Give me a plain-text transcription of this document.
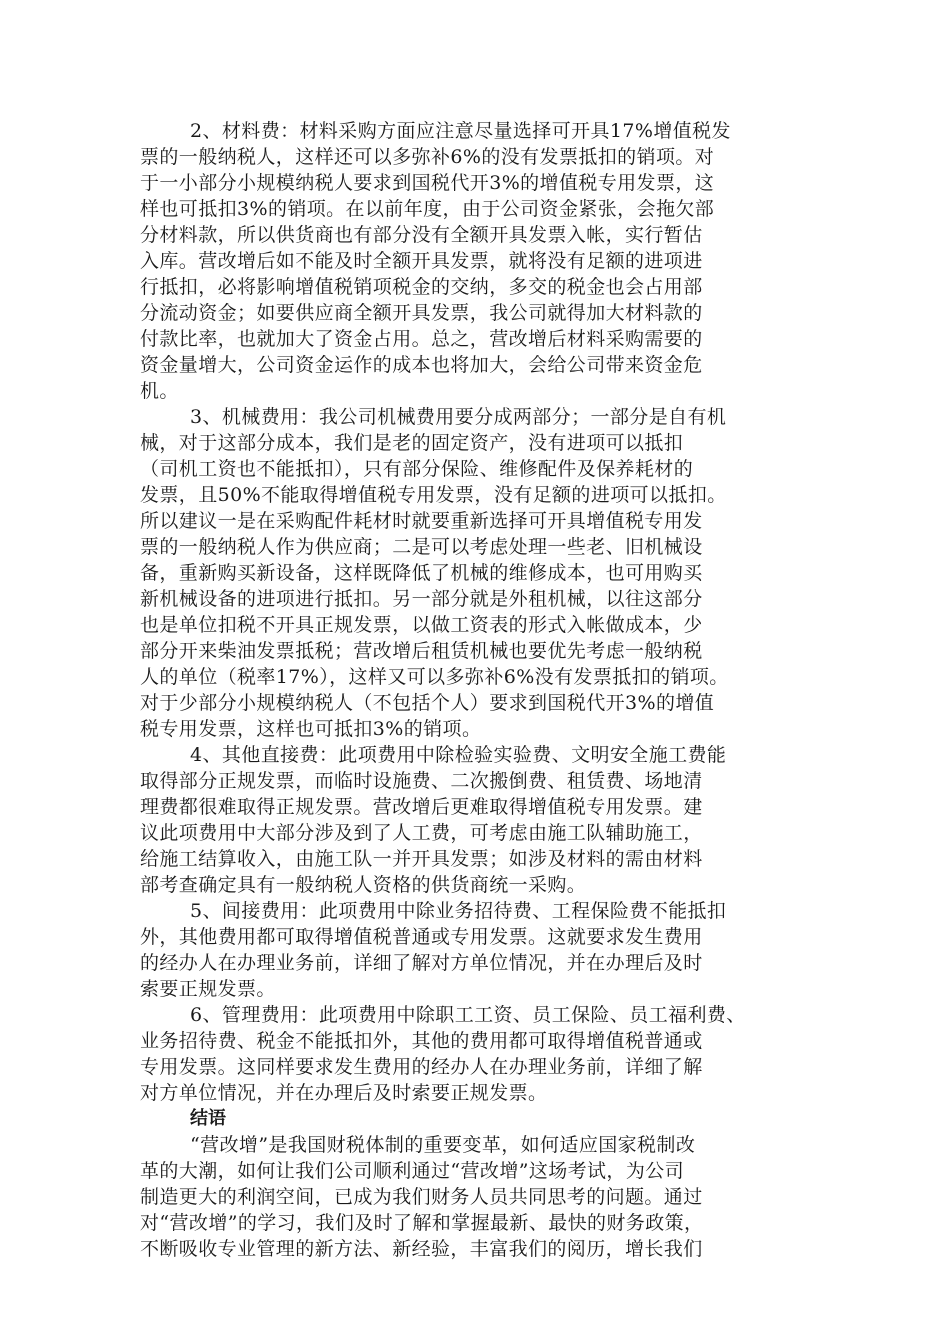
2、材料费：材料采购方面应注意尽量选择可开具17%增值税发
票的一般纳税人，这样还可以多弥补6%的没有发票抵扣的销项。对
于一小部分小规模纳税人要求到国税代开3%的增值税专用发票，这
样也可抵扣3%的销项。在以前年度，由于公司资金紧张，会拖欠部
分材料款，所以供货商也有部分没有全额开具发票入帐，实行暂估
入库。营改增后如不能及时全额开具发票，就将没有足额的进项进
行抵扣，必将影响增值税销项税金的交纳，多交的税金也会占用部
分流动资金；如要供应商全额开具发票，我公司就得加大材料款的
付款比率，也就加大了资金占用。总之，营改增后材料采购需要的
资金量增大，公司资金运作的成本也将加大，会给公司带来资金危
机。
3、机械费用：我公司机械费用要分成两部分；一部分是自有机
械，对于这部分成本，我们是老的固定资产，没有进项可以抵扣
（司机工资也不能抵扣），只有部分保险、维修配件及保养耗材的
发票，且50%不能取得增值税专用发票，没有足额的进项可以抵扣。
所以建议一是在采购配件耗材时就要重新选择可开具增值税专用发
票的一般纳税人作为供应商；二是可以考虑处理一些老、旧机械设
备，重新购买新设备，这样既降低了机械的维修成本，也可用购买
新机械设备的进项进行抵扣。另一部分就是外租机械，以往这部分
也是单位扣税不开具正规发票，以做工资表的形式入帐做成本，少
部分开来柴油发票抵税；营改增后租赁机械也要优先考虑一般纳税
人的单位（税率17%），这样又可以多弥补6%没有发票抵扣的销项。
对于少部分小规模纳税人（不包括个人）要求到国税代开3%的增值
税专用发票，这样也可抵扣3%的销项。
4、其他直接费：此项费用中除检验实验费、文明安全施工费能
取得部分正规发票，而临时设施费、二次搬倒费、租赁费、场地清
理费都很难取得正规发票。营改增后更难取得增值税专用发票。建
议此项费用中大部分涉及到了人工费，可考虑由施工队辅助施工，
给施工结算收入，由施工队一并开具发票；如涉及材料的需由材料
部考查确定具有一般纳税人资格的供货商统一采购。
5、间接费用：此项费用中除业务招待费、工程保险费不能抵扣
外，其他费用都可取得增值税普通或专用发票。这就要求发生费用
的经办人在办理业务前，详细了解对方单位情况，并在办理后及时
索要正规发票。
6、管理费用：此项费用中除职工工资、员工保险、员工福利费、
业务招待费、税金不能抵扣外，其他的费用都可取得增值税普通或
专用发票。这同样要求发生费用的经办人在办理业务前，详细了解
对方单位情况，并在办理后及时索要正规发票。
结语
“营改增”是我国财税体制的重要变革，如何适应国家税制改
革的大潮，如何让我们公司顺利通过“营改增”这场考试，为公司
制造更大的利润空间，已成为我们财务人员共同思考的问题。通过
对“营改增”的学习，我们及时了解和掌握最新、最快的财务政策，
不断吸收专业管理的新方法、新经验，丰富我们的阅历，增长我们
